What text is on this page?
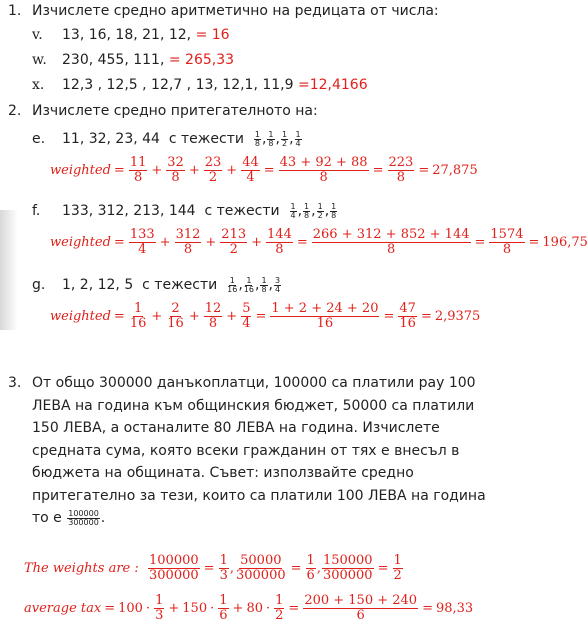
1. Изчислете средно аритметично на редицата от числа:
v. 13, 16, 18, 21, 12, = 16
w. 230, 455, 111, = 265,33
x. 12,3 , 12,5 , 12,7 , 13, 12,1, 11,9 =12,4166
2. Изчислете средно притегателното на:
e. 11, 32, 23, 44
с тежести
1
8 , 1
8 , 1
2 , 1
4
weighted = $\frac{11}{8} + \frac{32}{8} + \frac{23}{2} + \frac{44}{4} = \frac{43 + 92 + 88}{8} = \frac{223}{8} = 27,875$
f. 133, 312, 213, 144
с тежести
1
4 , 1
8 , 1
2 , 1
8
weighted = $\frac{133}{4} + \frac{312}{8} + \frac{213}{2} + \frac{144}{8} = \frac{266 + 312 + 852 + 144}{8} = \frac{1574}{8} = 196,75$
g. 1, 2, 12, 5
с тежести
1
16 , 1
16 , 1
8 , 3
4
weighted = $\frac{1}{16} + \frac{2}{16} + \frac{12}{8} + \frac{5}{4} = \frac{1 + 2 + 24 + 20}{16} = \frac{47}{16} = 2,9375$
3. От общо 300000 данъкоплатци, 100000 са платили рау 100
ЛЕВА на година към общинския бюджет, 50000 са платили
150 ЛЕВА, а останалите 80 ЛЕВА на година. Изчислете
средната сума, която всеки гражданин от тях е внесъл в
бюджета на общината. Съвет: използвайте средно
притегателно за тези, които са платили 100 ЛЕВА на година
то е
100000
300000 .
The weights are :
$\frac{100000}{300000} = \frac{1}{3}$ , $\frac{50000}{300000} = \frac{1}{6}$ , $\frac{150000}{300000} = \frac{1}{2}$
average tax = $100 \cdot \frac{1}{3} + 150 \cdot \frac{1}{6} + 80 \cdot \frac{1}{2} = \frac{200 + 150 + 240}{6} = 98,33$
